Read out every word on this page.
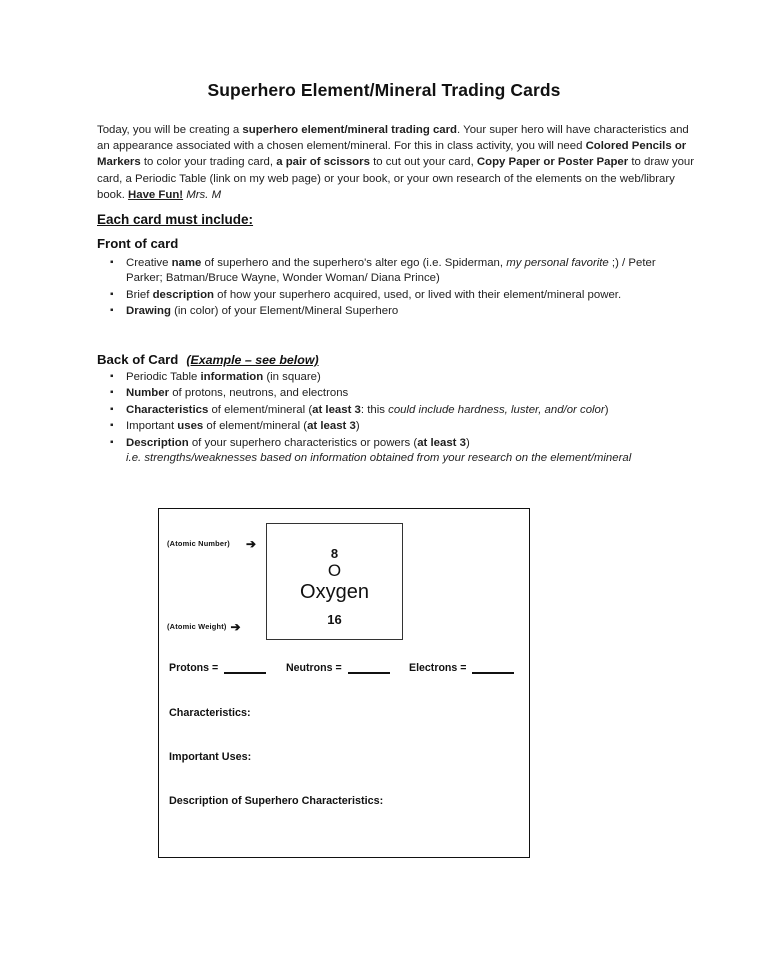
Superhero Element/Mineral Trading Cards
Today, you will be creating a superhero element/mineral trading card. Your super hero will have characteristics and an appearance associated with a chosen element/mineral. For this in class activity, you will need Colored Pencils or Markers to color your trading card, a pair of scissors to cut out your card, Copy Paper or Poster Paper to draw your card, a Periodic Table (link on my web page) or your book, or your own research of the elements on the web/library book. Have Fun! Mrs. M
Each card must include:
Front of card
▪ Creative name of superhero and the superhero's alter ego (i.e. Spiderman, my personal favorite ;) / Peter Parker; Batman/Bruce Wayne, Wonder Woman/ Diana Prince)
▪ Brief description of how your superhero acquired, used, or lived with their element/mineral power.
▪ Drawing (in color) of your Element/Mineral Superhero
Back of Card (Example – see below)
▪ Periodic Table information (in square)
▪ Number of protons, neutrons, and electrons
▪ Characteristics of element/mineral (at least 3: this could include hardness, luster, and/or color)
▪ Important uses of element/mineral (at least 3)
▪ Description of your superhero characteristics or powers (at least 3)
i.e. strengths/weaknesses based on information obtained from your research on the element/mineral
8
O
Oxygen
16
(Atomic Number) ➔
(Atomic Weight) ➔
Protons =	Neutrons =	Electrons =
Characteristics:
Important Uses:
Description of Superhero Characteristics:
